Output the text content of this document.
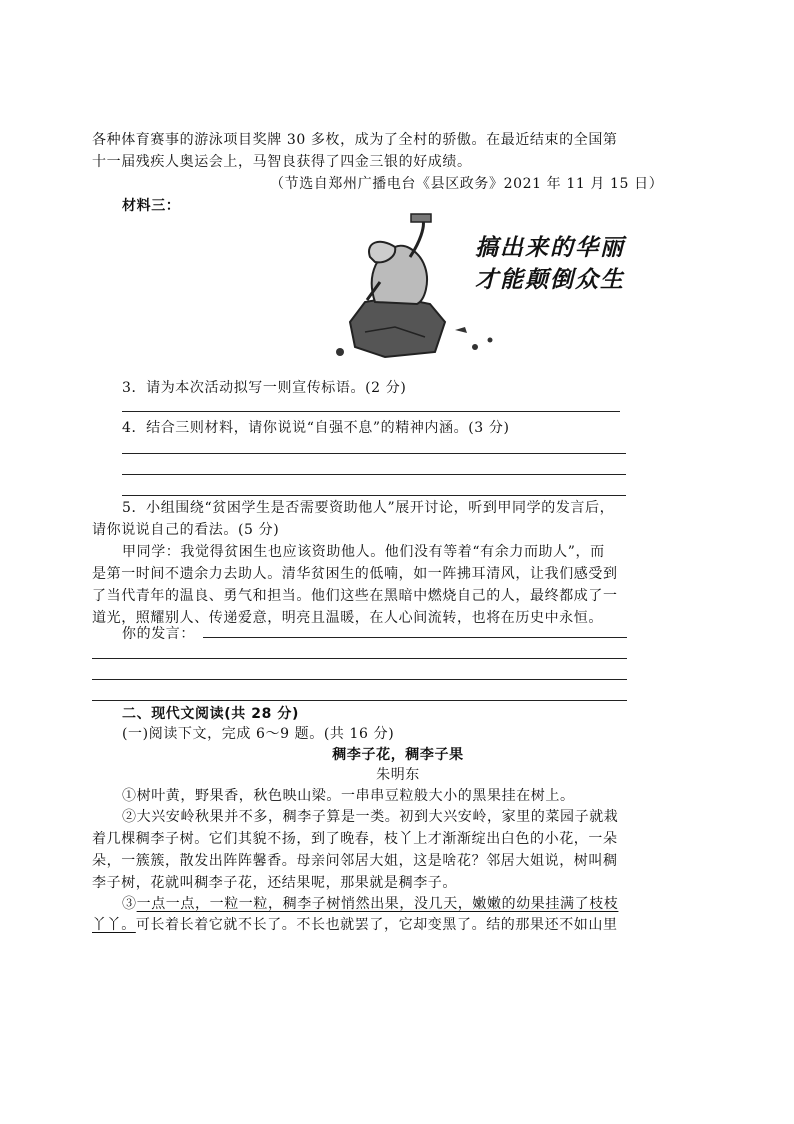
各种体育赛事的游泳项目奖牌 30 多枚，成为了全村的骄傲。在最近结束的全国第
十一届残疾人奥运会上，马智良获得了四金三银的好成绩。
（节选自郑州广播电台《县区政务》2021 年 11 月 15 日）
材料三：
搞出来的华丽
才能颠倒众生
3．请为本次活动拟写一则宣传标语。(2 分)
4．结合三则材料，请你说说“自强不息”的精神内涵。(3 分)
5．小组围绕“贫困学生是否需要资助他人”展开讨论，听到甲同学的发言后，
请你说说自己的看法。(5 分)
甲同学：我觉得贫困生也应该资助他人。他们没有等着“有余力而助人”，而
是第一时间不遗余力去助人。清华贫困生的低喃，如一阵拂耳清风，让我们感受到
了当代青年的温良、勇气和担当。他们这些在黑暗中燃烧自己的人，最终都成了一
道光，照耀别人、传递爱意，明亮且温暖，在人心间流转，也将在历史中永恒。
你的发言：
二、现代文阅读(共 28 分)
(一)阅读下文，完成 6～9 题。(共 16 分)
稠李子花，稠李子果
朱明东
①树叶黄，野果香，秋色映山梁。一串串豆粒般大小的黑果挂在树上。
②大兴安岭秋果并不多，稠李子算是一类。初到大兴安岭，家里的菜园子就栽
着几棵稠李子树。它们其貌不扬，到了晚春，枝丫上才渐渐绽出白色的小花，一朵
朵，一簇簇，散发出阵阵馨香。母亲问邻居大姐，这是啥花？邻居大姐说，树叫稠
李子树，花就叫稠李子花，还结果呢，那果就是稠李子。
③一点一点，一粒一粒，稠李子树悄然出果，没几天，嫩嫩的幼果挂满了枝枝
丫丫。可长着长着它就不长了。不长也就罢了，它却变黑了。结的那果还不如山里
